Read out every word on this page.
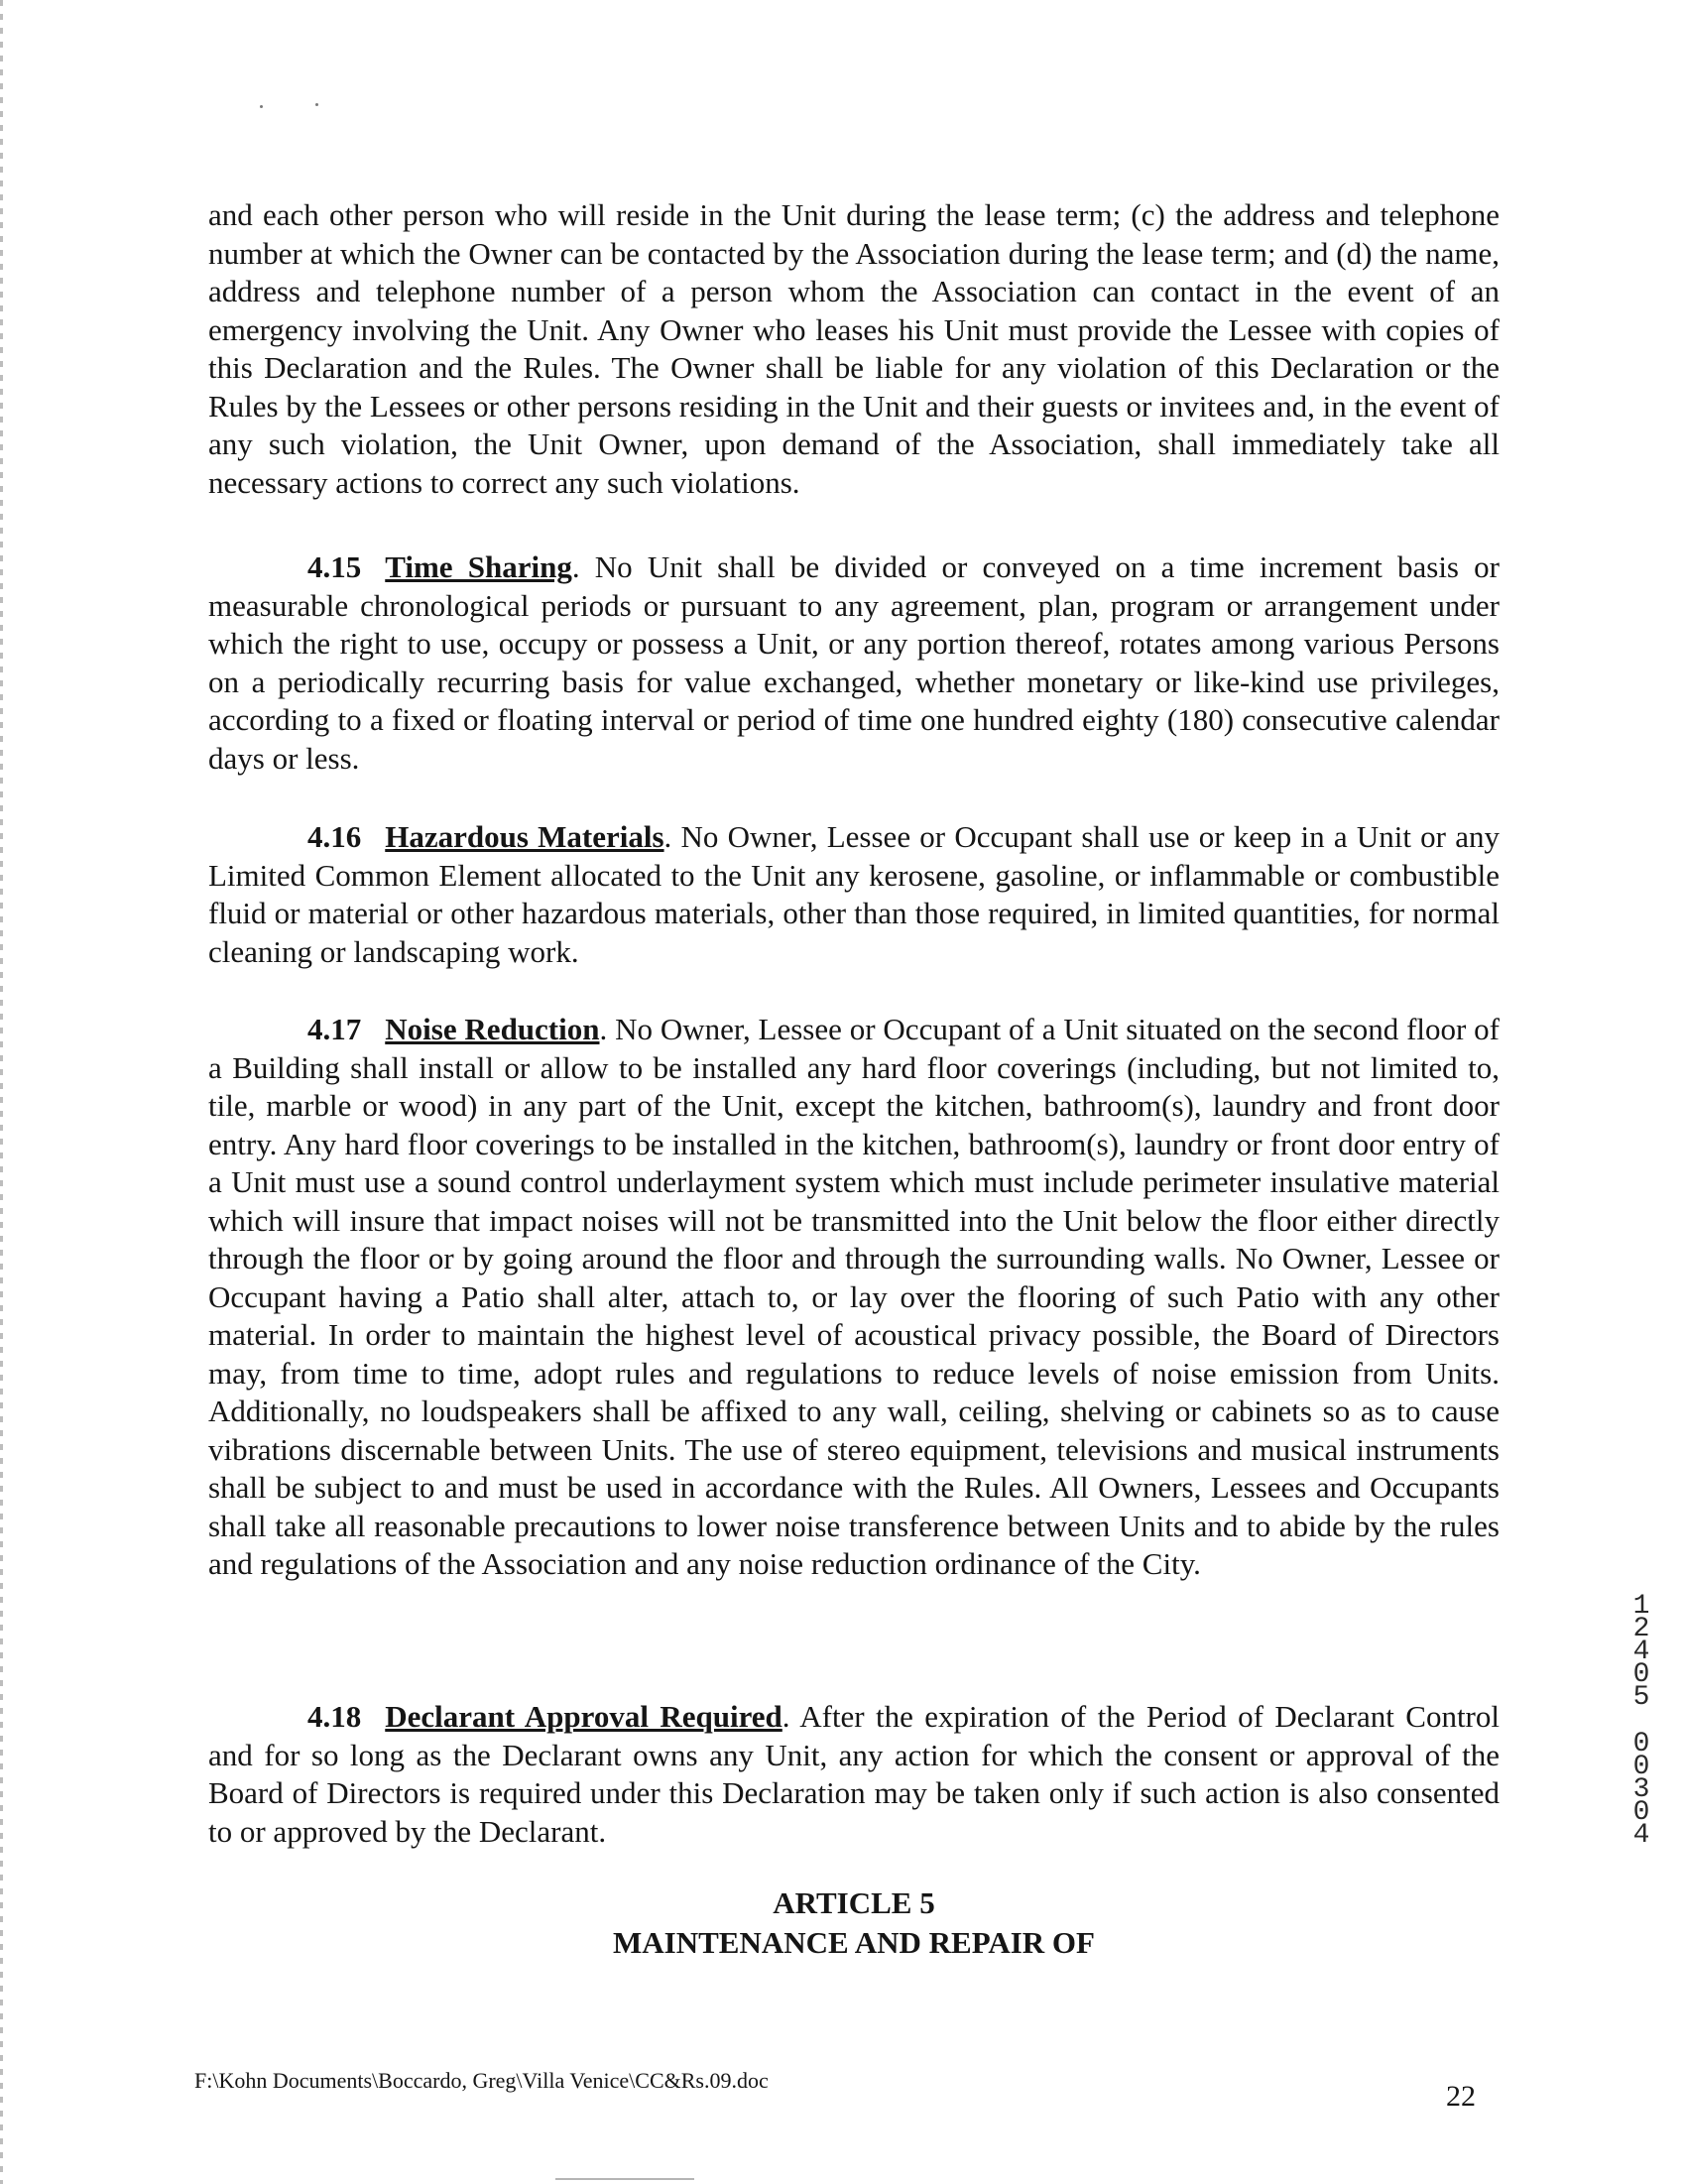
and each other person who will reside in the Unit during the lease term; (c) the address and telephone number at which the Owner can be contacted by the Association during the lease term; and (d) the name, address and telephone number of a person whom the Association can contact in the event of an emergency involving the Unit. Any Owner who leases his Unit must provide the Lessee with copies of this Declaration and the Rules. The Owner shall be liable for any violation of this Declaration or the Rules by the Lessees or other persons residing in the Unit and their guests or invitees and, in the event of any such violation, the Unit Owner, upon demand of the Association, shall immediately take all necessary actions to correct any such violations.

4.15 Time Sharing. No Unit shall be divided or conveyed on a time increment basis or measurable chronological periods or pursuant to any agreement, plan, program or arrangement under which the right to use, occupy or possess a Unit, or any portion thereof, rotates among various Persons on a periodically recurring basis for value exchanged, whether monetary or like-kind use privileges, according to a fixed or floating interval or period of time one hundred eighty (180) consecutive calendar days or less.

4.16 Hazardous Materials. No Owner, Lessee or Occupant shall use or keep in a Unit or any Limited Common Element allocated to the Unit any kerosene, gasoline, or inflammable or combustible fluid or material or other hazardous materials, other than those required, in limited quantities, for normal cleaning or landscaping work.

4.17 Noise Reduction. No Owner, Lessee or Occupant of a Unit situated on the second floor of a Building shall install or allow to be installed any hard floor coverings (including, but not limited to, tile, marble or wood) in any part of the Unit, except the kitchen, bathroom(s), laundry and front door entry. Any hard floor coverings to be installed in the kitchen, bathroom(s), laundry or front door entry of a Unit must use a sound control underlayment system which must include perimeter insulative material which will insure that impact noises will not be transmitted into the Unit below the floor either directly through the floor or by going around the floor and through the surrounding walls. No Owner, Lessee or Occupant having a Patio shall alter, attach to, or lay over the flooring of such Patio with any other material. In order to maintain the highest level of acoustical privacy possible, the Board of Directors may, from time to time, adopt rules and regulations to reduce levels of noise emission from Units. Additionally, no loudspeakers shall be affixed to any wall, ceiling, shelving or cabinets so as to cause vibrations discernable between Units. The use of stereo equipment, televisions and musical instruments shall be subject to and must be used in accordance with the Rules. All Owners, Lessees and Occupants shall take all reasonable precautions to lower noise transference between Units and to abide by the rules and regulations of the Association and any noise reduction ordinance of the City.

4.18 Declarant Approval Required. After the expiration of the Period of Declarant Control and for so long as the Declarant owns any Unit, any action for which the consent or approval of the Board of Directors is required under this Declaration may be taken only if such action is also consented to or approved by the Declarant.

ARTICLE 5
MAINTENANCE AND REPAIR OF
F:\Kohn Documents\Boccardo, Greg\Villa Venice\CC&Rs.09.doc	22
1
2
4
0
5
0
0
3
0
4
